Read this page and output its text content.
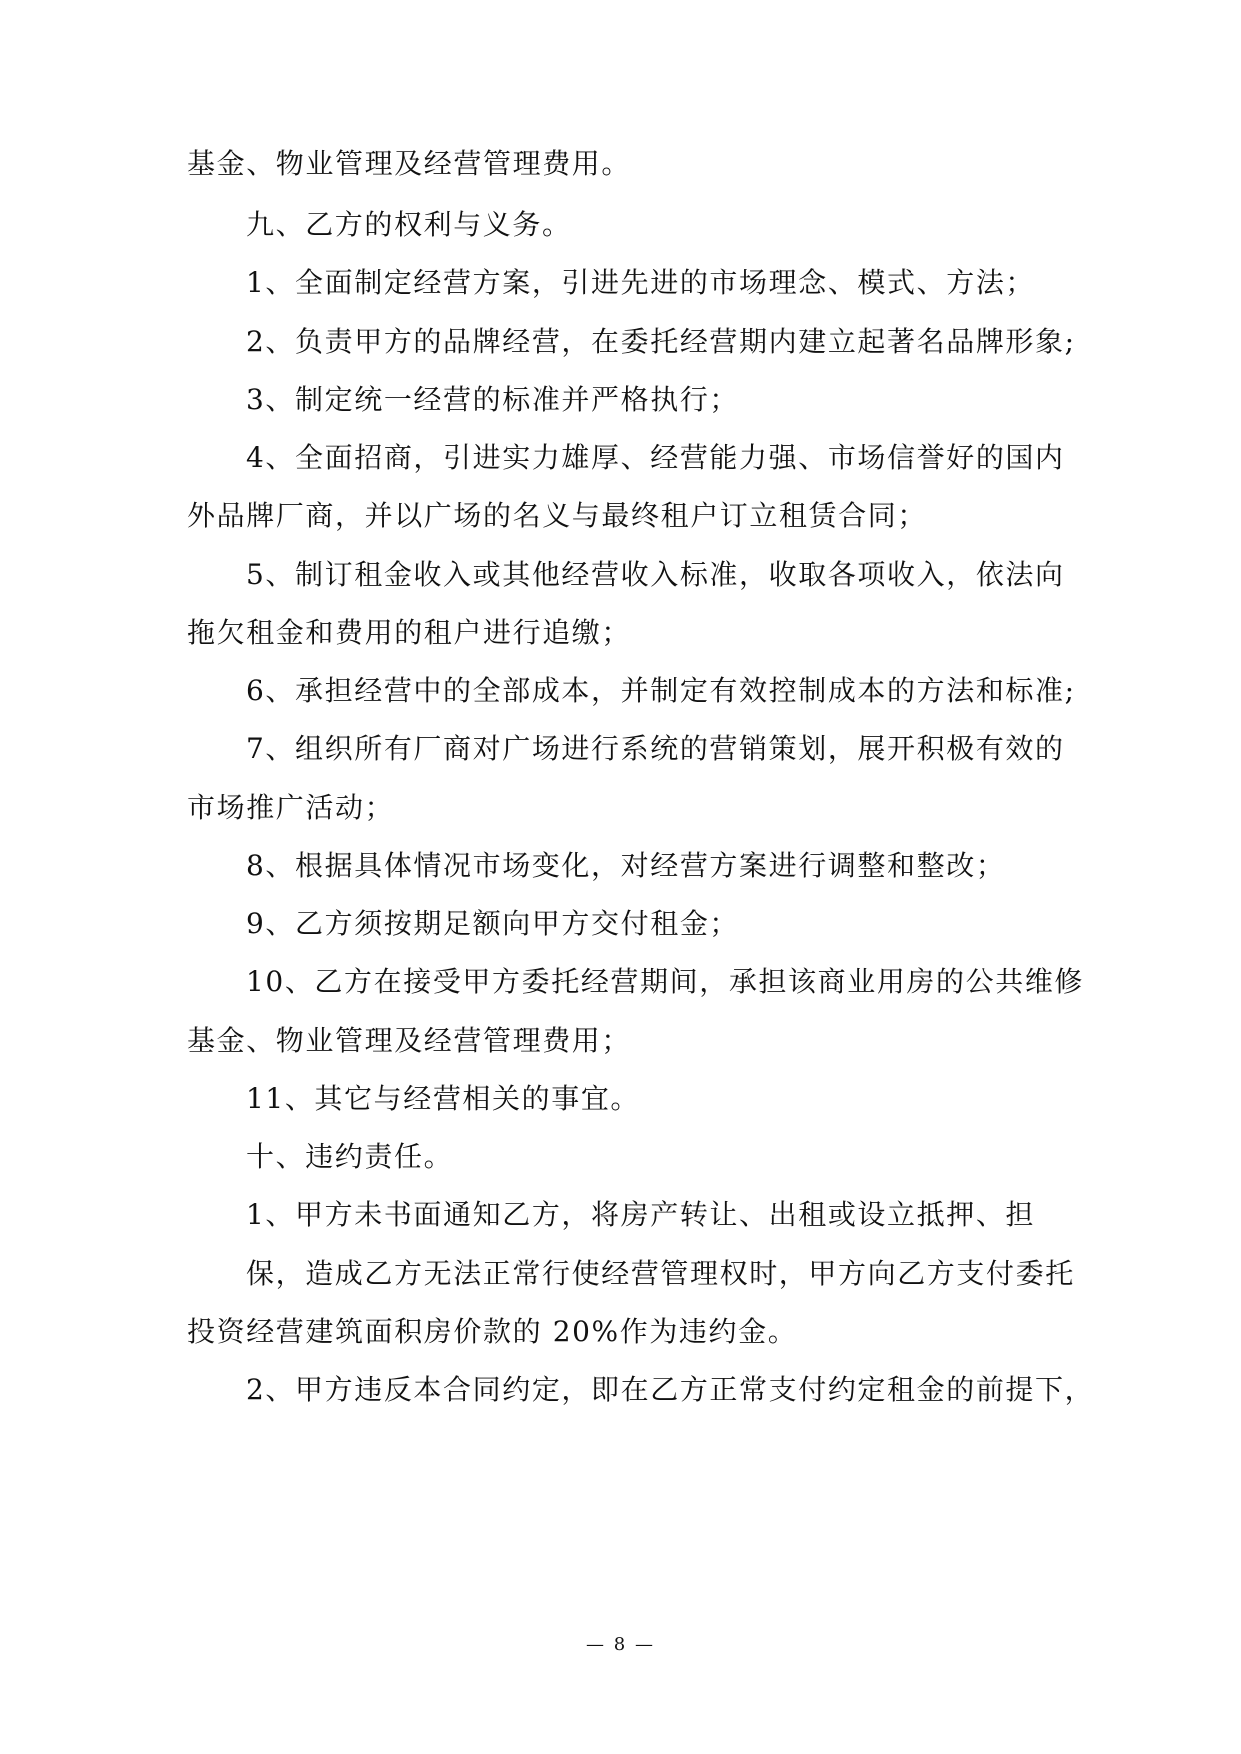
基金、物业管理及经营管理费用。
九、乙方的权利与义务。
1、全面制定经营方案，引进先进的市场理念、模式、方法；
2、负责甲方的品牌经营，在委托经营期内建立起著名品牌形象;
3、制定统一经营的标准并严格执行；
4、全面招商，引进实力雄厚、经营能力强、市场信誉好的国内
外品牌厂商，并以广场的名义与最终租户订立租赁合同；
5、制订租金收入或其他经营收入标准，收取各项收入，依法向
拖欠租金和费用的租户进行追缴；
6、承担经营中的全部成本，并制定有效控制成本的方法和标准;
7、组织所有厂商对广场进行系统的营销策划，展开积极有效的
市场推广活动；
8、根据具体情况市场变化，对经营方案进行调整和整改；
9、乙方须按期足额向甲方交付租金；
10、乙方在接受甲方委托经营期间，承担该商业用房的公共维修
基金、物业管理及经营管理费用；
11、其它与经营相关的事宜。
十、违约责任。
1、甲方未书面通知乙方，将房产转让、出租或设立抵押、担
保，造成乙方无法正常行使经营管理权时，甲方向乙方支付委托
投资经营建筑面积房价款的 20%作为违约金。
2、甲方违反本合同约定，即在乙方正常支付约定租金的前提下，
— 8 —
